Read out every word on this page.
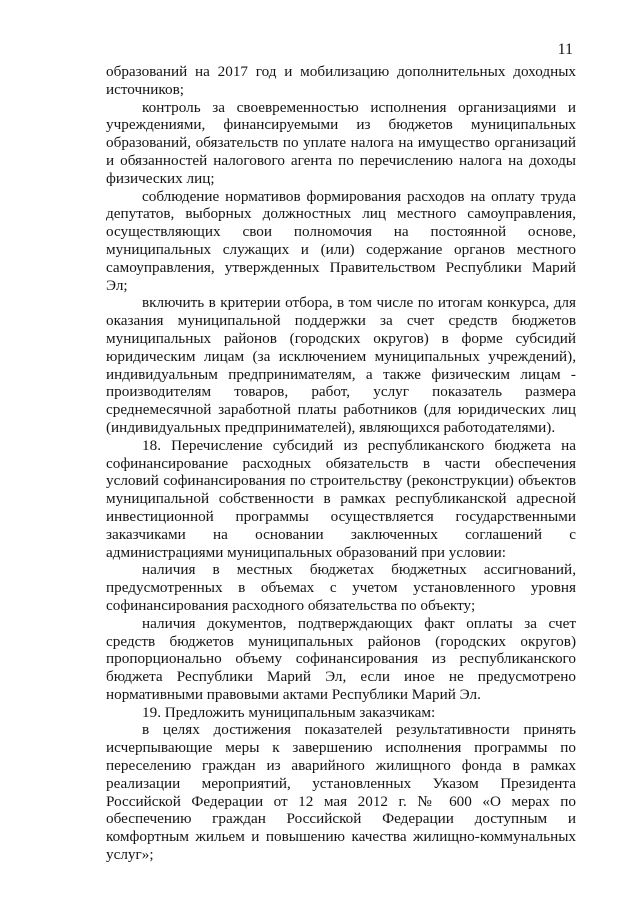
11

образований на 2017 год и мобилизацию дополнительных доходных источников;

контроль за своевременностью исполнения организациями и учреждениями, финансируемыми из бюджетов муниципальных образований, обязательств по уплате налога на имущество организаций и обязанностей налогового агента по перечислению налога на доходы физических лиц;

соблюдение нормативов формирования расходов на оплату труда депутатов, выборных должностных лиц местного самоуправления, осуществляющих свои полномочия на постоянной основе, муниципальных служащих и (или) содержание органов местного самоуправления, утвержденных Правительством Республики Марий Эл;

включить в критерии отбора, в том числе по итогам конкурса, для оказания муниципальной поддержки за счет средств бюджетов муниципальных районов (городских округов) в форме субсидий юридическим лицам (за исключением муниципальных учреждений), индивидуальным предпринимателям, а также физическим лицам - производителям товаров, работ, услуг показатель размера среднемесячной заработной платы работников (для юридических лиц (индивидуальных предпринимателей), являющихся работодателями).

18. Перечисление субсидий из республиканского бюджета на софинансирование расходных обязательств в части обеспечения условий софинансирования по строительству (реконструкции) объектов муниципальной собственности в рамках республиканской адресной инвестиционной программы осуществляется государственными заказчиками на основании заключенных соглашений с администрациями муниципальных образований при условии:

наличия в местных бюджетах бюджетных ассигнований, предусмотренных в объемах с учетом установленного уровня софинансирования расходного обязательства по объекту;

наличия документов, подтверждающих факт оплаты за счет средств бюджетов муниципальных районов (городских округов) пропорционально объему софинансирования из республиканского бюджета Республики Марий Эл, если иное не предусмотрено нормативными правовыми актами Республики Марий Эл.

19. Предложить муниципальным заказчикам:

в целях достижения показателей результативности принять исчерпывающие меры к завершению исполнения программы по переселению граждан из аварийного жилищного фонда в рамках реализации мероприятий, установленных Указом Президента Российской Федерации от 12 мая 2012 г. № 600 «О мерах по обеспечению граждан Российской Федерации доступным и комфортным жильем и повышению качества жилищно-коммунальных услуг»;
